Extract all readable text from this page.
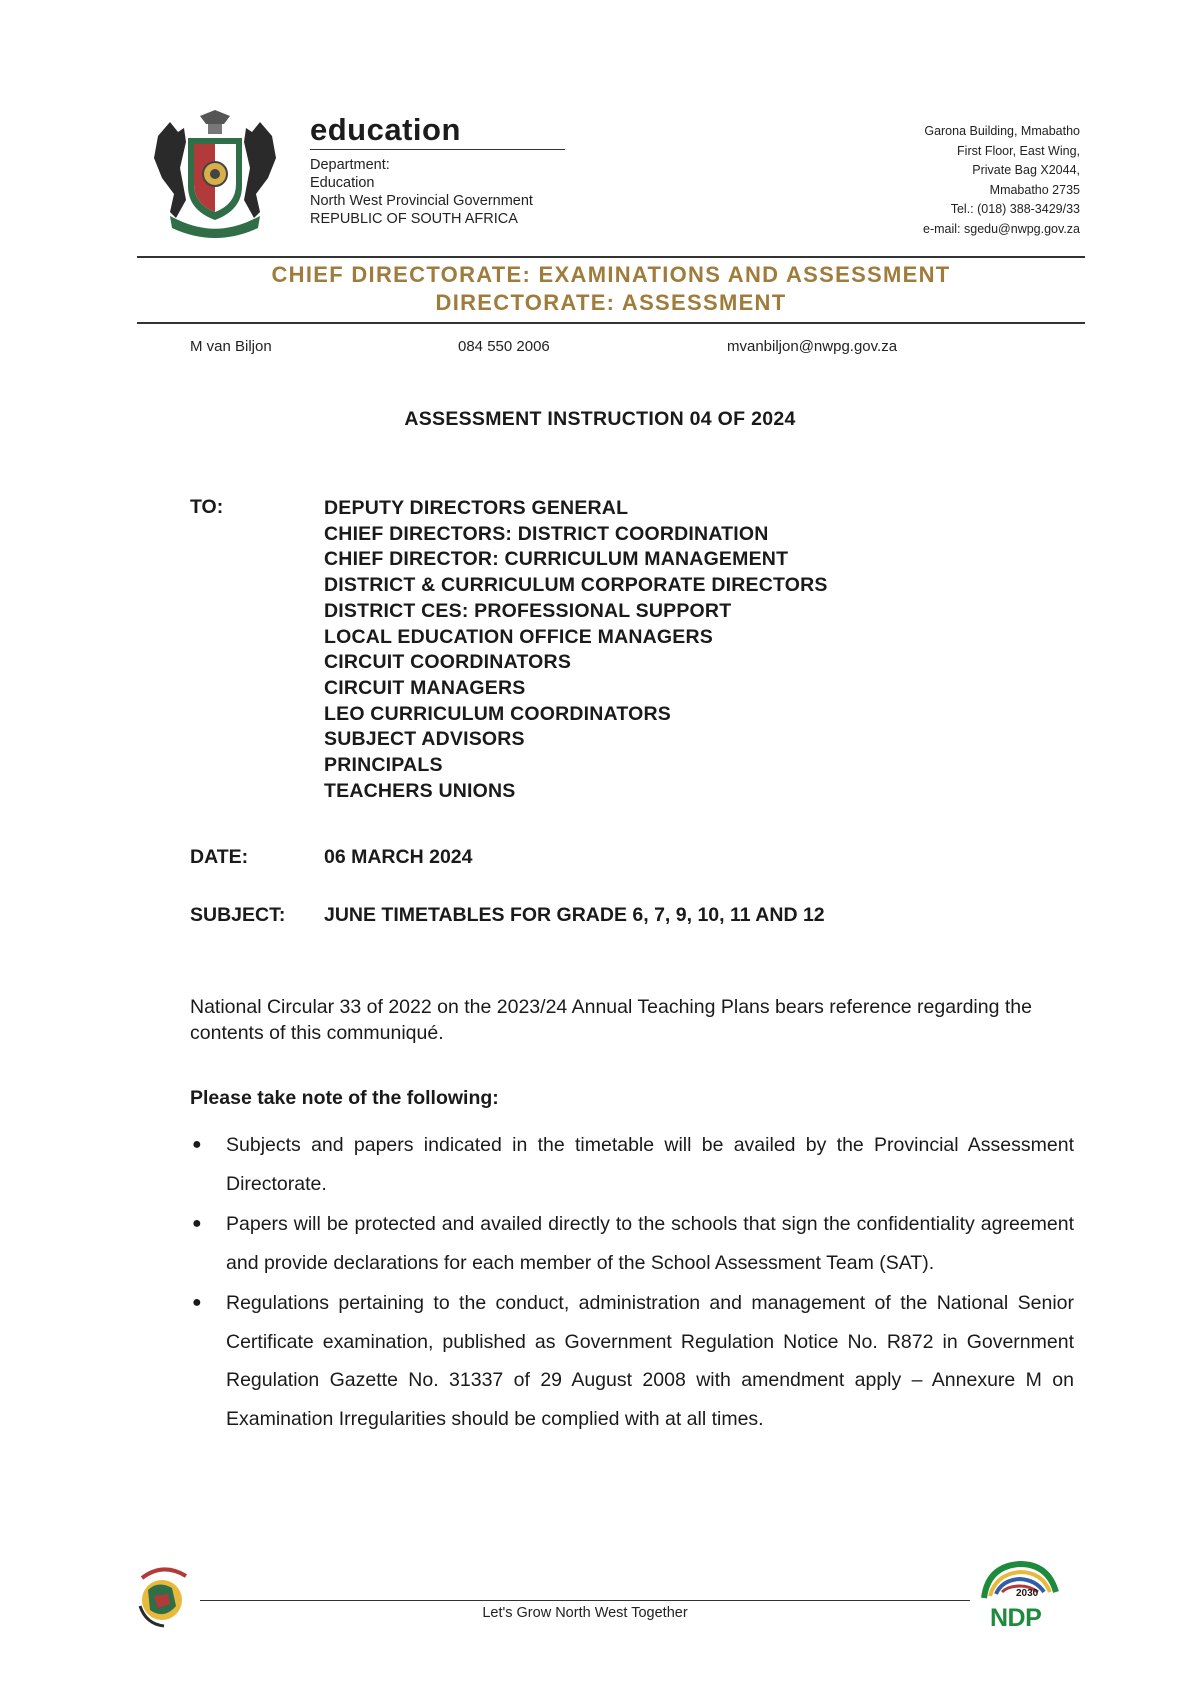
education
Department:
Education
North West Provincial Government
REPUBLIC OF SOUTH AFRICA
Garona Building, Mmabatho
First Floor, East Wing,
Private Bag X2044,
Mmabatho 2735
Tel.: (018) 388-3429/33
e-mail: sgedu@nwpg.gov.za
CHIEF DIRECTORATE: EXAMINATIONS AND ASSESSMENT
DIRECTORATE: ASSESSMENT
M van Biljon	084 550 2006	mvanbiljon@nwpg.gov.za
ASSESSMENT INSTRUCTION 04 OF 2024
TO:	DEPUTY DIRECTORS GENERAL
CHIEF DIRECTORS: DISTRICT COORDINATION
CHIEF DIRECTOR: CURRICULUM MANAGEMENT
DISTRICT & CURRICULUM CORPORATE DIRECTORS
DISTRICT CES: PROFESSIONAL SUPPORT
LOCAL EDUCATION OFFICE MANAGERS
CIRCUIT COORDINATORS
CIRCUIT MANAGERS
LEO CURRICULUM COORDINATORS
SUBJECT ADVISORS
PRINCIPALS
TEACHERS UNIONS
DATE:	06 MARCH 2024
SUBJECT: JUNE TIMETABLES FOR GRADE 6, 7, 9, 10, 11 AND 12
National Circular 33 of 2022 on the 2023/24 Annual Teaching Plans bears reference regarding the contents of this communiqué.
Please take note of the following:
● Subjects and papers indicated in the timetable will be availed by the Provincial Assessment Directorate.
● Papers will be protected and availed directly to the schools that sign the confidentiality agreement and provide declarations for each member of the School Assessment Team (SAT).
● Regulations pertaining to the conduct, administration and management of the National Senior Certificate examination, published as Government Regulation Notice No. R872 in Government Regulation Gazette No. 31337 of 29 August 2008 with amendment apply – Annexure M on Examination Irregularities should be complied with at all times.
Let's Grow North West Together
2030
NDP
